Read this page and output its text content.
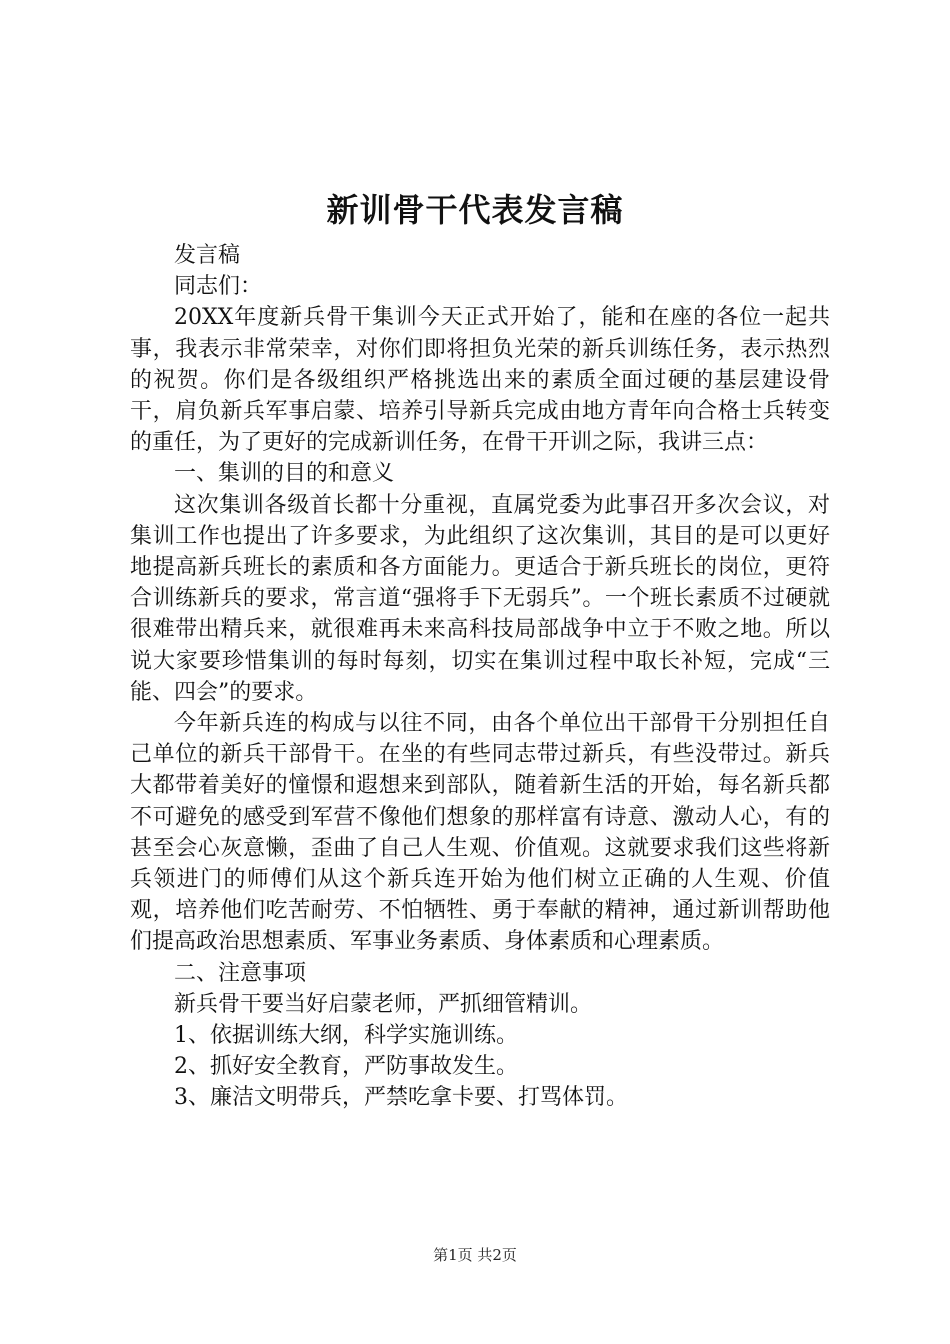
新训骨干代表发言稿

发言稿

同志们：

20XX年度新兵骨干集训今天正式开始了，能和在座的各位一起共事，我表示非常荣幸，对你们即将担负光荣的新兵训练任务，表示热烈的祝贺。你们是各级组织严格挑选出来的素质全面过硬的基层建设骨干，肩负新兵军事启蒙、培养引导新兵完成由地方青年向合格士兵转变的重任，为了更好的完成新训任务，在骨干开训之际，我讲三点：

一、集训的目的和意义

这次集训各级首长都十分重视，直属党委为此事召开多次会议，对集训工作也提出了许多要求，为此组织了这次集训，其目的是可以更好地提高新兵班长的素质和各方面能力。更适合于新兵班长的岗位，更符合训练新兵的要求，常言道“强将手下无弱兵”。一个班长素质不过硬就很难带出精兵来，就很难再未来高科技局部战争中立于不败之地。所以说大家要珍惜集训的每时每刻，切实在集训过程中取长补短，完成“三能、四会”的要求。

今年新兵连的构成与以往不同，由各个单位出干部骨干分别担任自己单位的新兵干部骨干。在坐的有些同志带过新兵，有些没带过。新兵大都带着美好的憧憬和遐想来到部队，随着新生活的开始，每名新兵都不可避免的感受到军营不像他们想象的那样富有诗意、激动人心，有的甚至会心灰意懒，歪曲了自己人生观、价值观。这就要求我们这些将新兵领进门的师傅们从这个新兵连开始为他们树立正确的人生观、价值观，培养他们吃苦耐劳、不怕牺牲、勇于奉献的精神，通过新训帮助他们提高政治思想素质、军事业务素质、身体素质和心理素质。

二、注意事项

新兵骨干要当好启蒙老师，严抓细管精训。

1、依据训练大纲，科学实施训练。

2、抓好安全教育，严防事故发生。

3、廉洁文明带兵，严禁吃拿卡要、打骂体罚。

第1页 共2页
